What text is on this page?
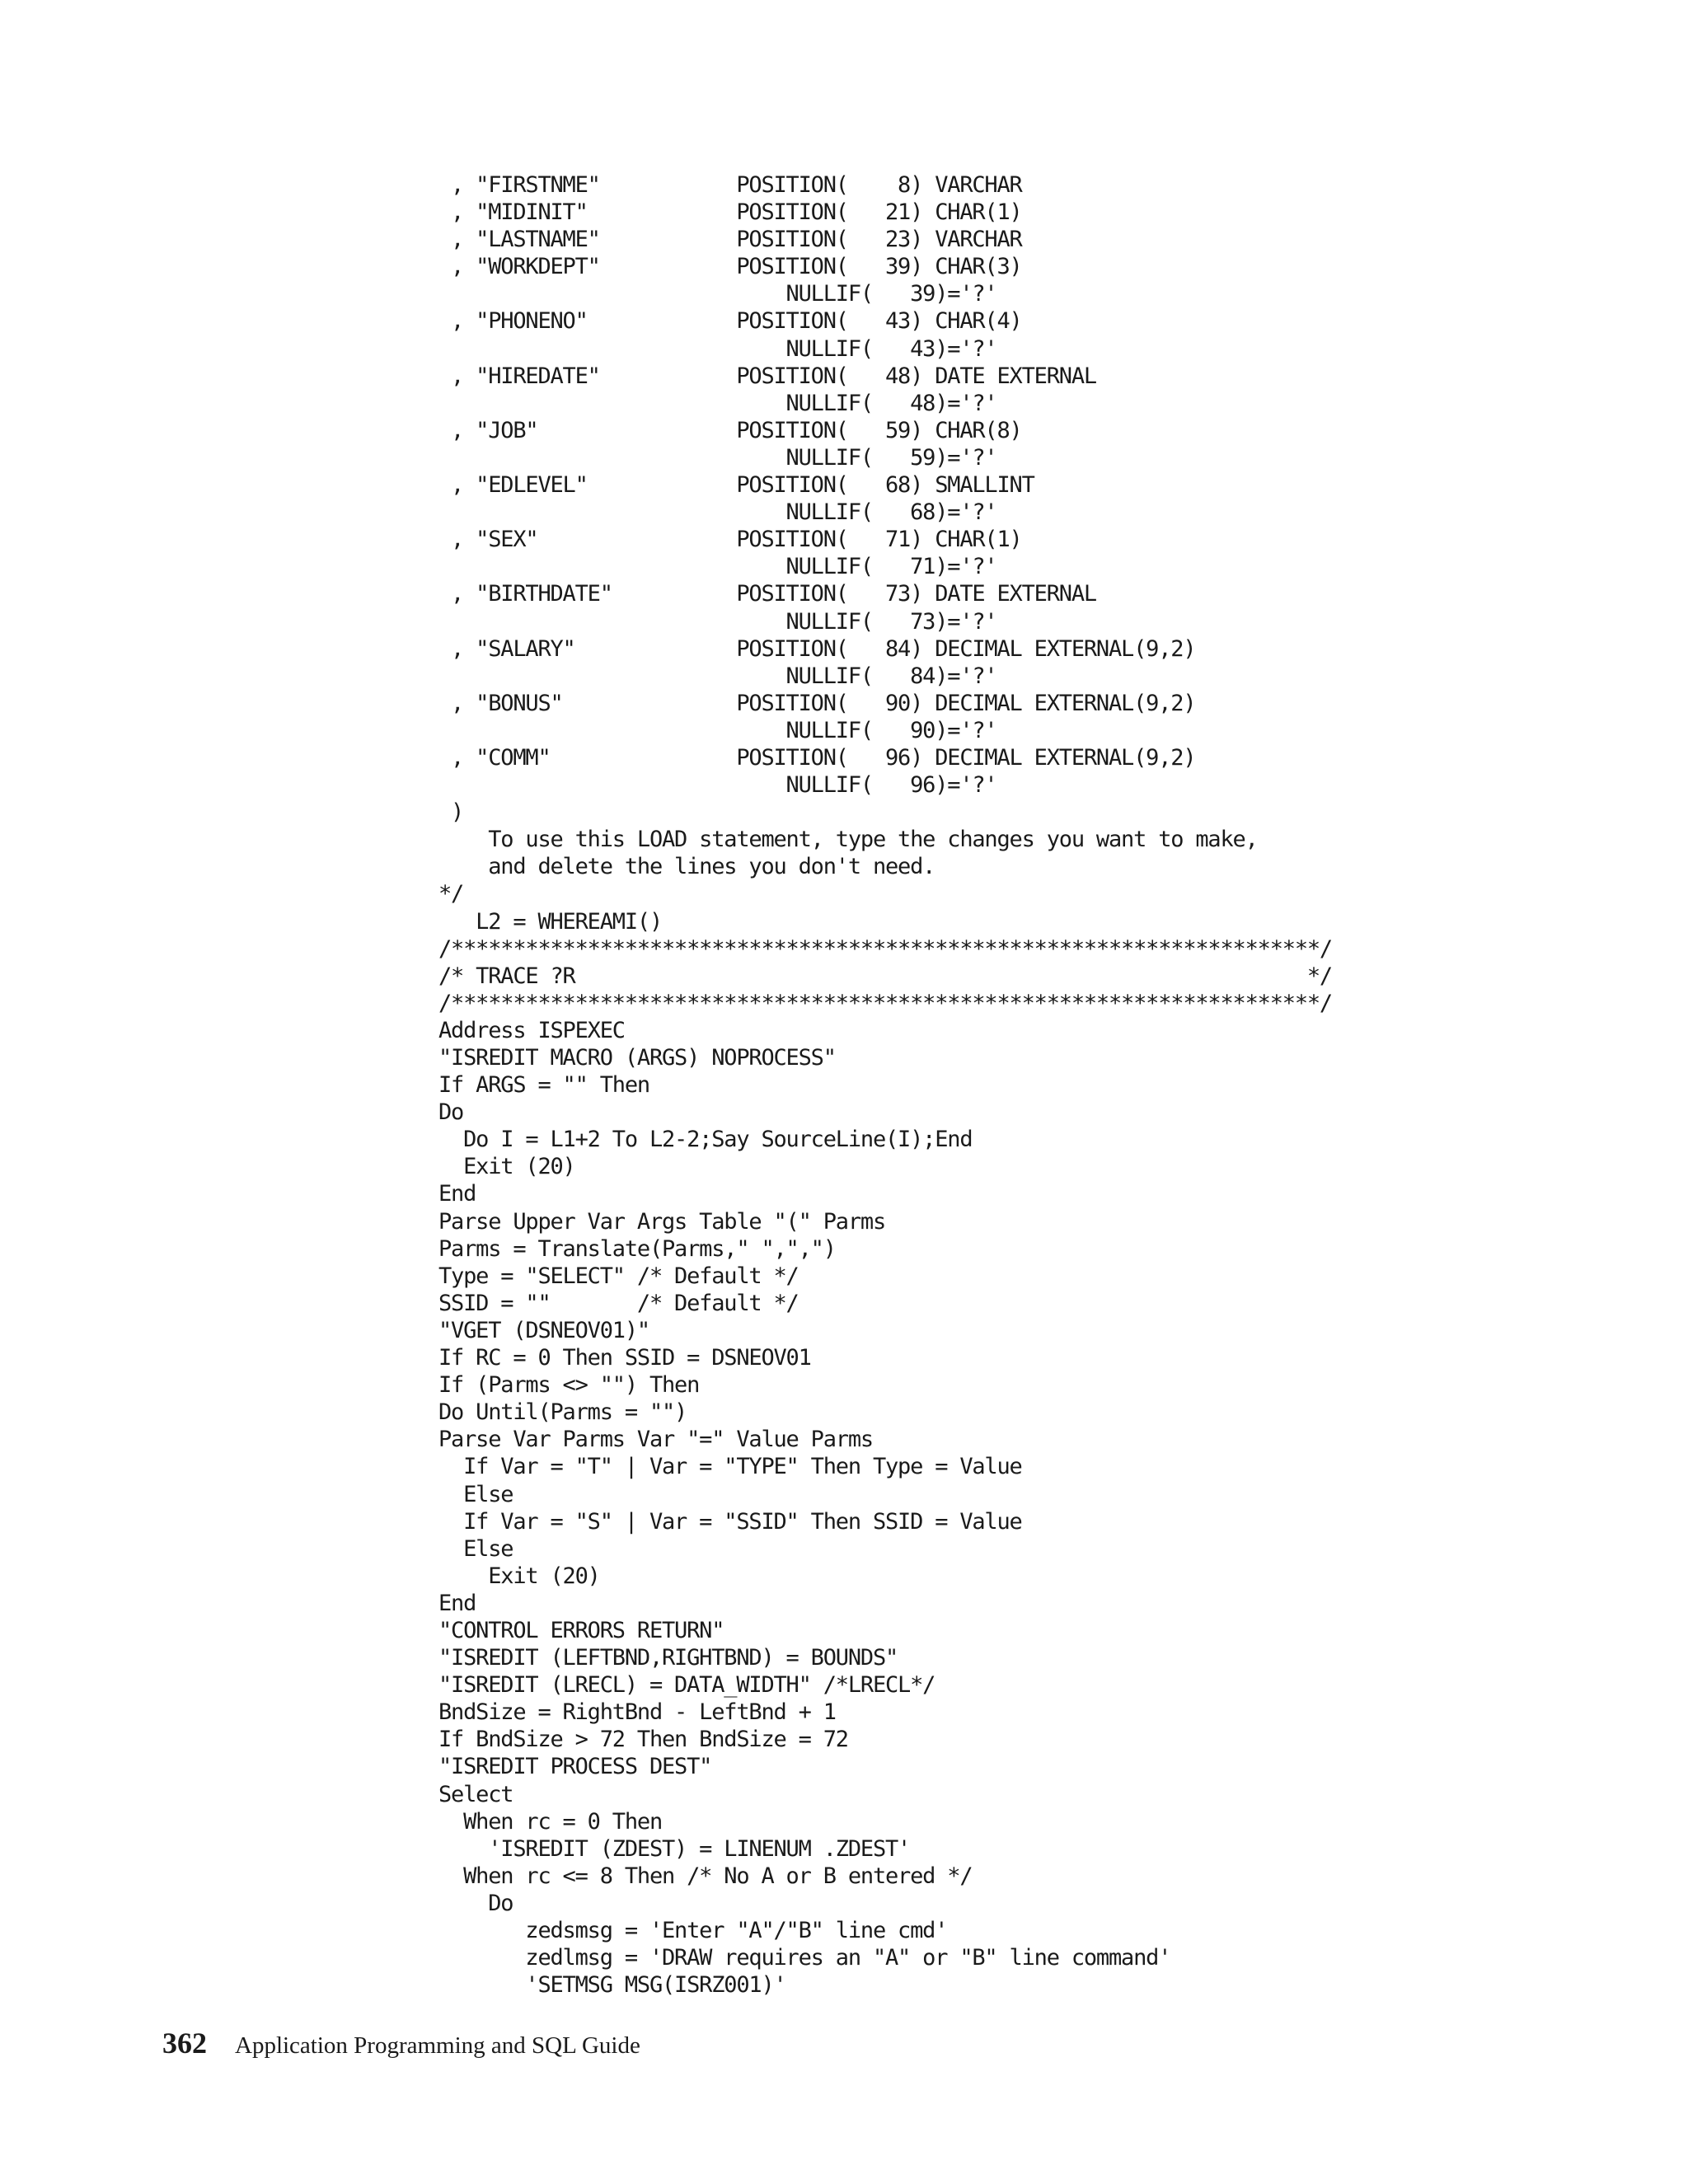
, "FIRSTNME"           POSITION(    8) VARCHAR
, "MIDINIT"            POSITION(   21) CHAR(1)
, "LASTNAME"           POSITION(   23) VARCHAR
, "WORKDEPT"           POSITION(   39) CHAR(3)
NULLIF(   39)='?'
, "PHONENO"            POSITION(   43) CHAR(4)
NULLIF(   43)='?'
, "HIREDATE"           POSITION(   48) DATE EXTERNAL
NULLIF(   48)='?'
, "JOB"                POSITION(   59) CHAR(8)
NULLIF(   59)='?'
, "EDLEVEL"            POSITION(   68) SMALLINT
NULLIF(   68)='?'
, "SEX"                POSITION(   71) CHAR(1)
NULLIF(   71)='?'
, "BIRTHDATE"          POSITION(   73) DATE EXTERNAL
NULLIF(   73)='?'
, "SALARY"             POSITION(   84) DECIMAL EXTERNAL(9,2)
NULLIF(   84)='?'
, "BONUS"              POSITION(   90) DECIMAL EXTERNAL(9,2)
NULLIF(   90)='?'
, "COMM"               POSITION(   96) DECIMAL EXTERNAL(9,2)
NULLIF(   96)='?'
)
To use this LOAD statement, type the changes you want to make,
and delete the lines you don't need.
*/
L2 = WHEREAMI()
/**********************************************************************/
/* TRACE ?R                                                           */
/**********************************************************************/
Address ISPEXEC
"ISREDIT MACRO (ARGS) NOPROCESS"
If ARGS = "" Then
Do
Do I = L1+2 To L2-2;Say SourceLine(I);End
Exit (20)
End
Parse Upper Var Args Table "(" Parms
Parms = Translate(Parms," ",",")
Type = "SELECT" /* Default */
SSID = ""       /* Default */
"VGET (DSNEOV01)"
If RC = 0 Then SSID = DSNEOV01
If (Parms <> "") Then
Do Until(Parms = "")
Parse Var Parms Var "=" Value Parms
If Var = "T" | Var = "TYPE" Then Type = Value
Else
If Var = "S" | Var = "SSID" Then SSID = Value
Else
Exit (20)
End
"CONTROL ERRORS RETURN"
"ISREDIT (LEFTBND,RIGHTBND) = BOUNDS"
"ISREDIT (LRECL) = DATA_WIDTH" /*LRECL*/
BndSize = RightBnd - LeftBnd + 1
If BndSize > 72 Then BndSize = 72
"ISREDIT PROCESS DEST"
Select
When rc = 0 Then
'ISREDIT (ZDEST) = LINENUM .ZDEST'
When rc <= 8 Then /* No A or B entered */
Do
zedsmsg = 'Enter "A"/"B" line cmd'
zedlmsg = 'DRAW requires an "A" or "B" line command'
'SETMSG MSG(ISRZ001)'
362 Application Programming and SQL Guide
